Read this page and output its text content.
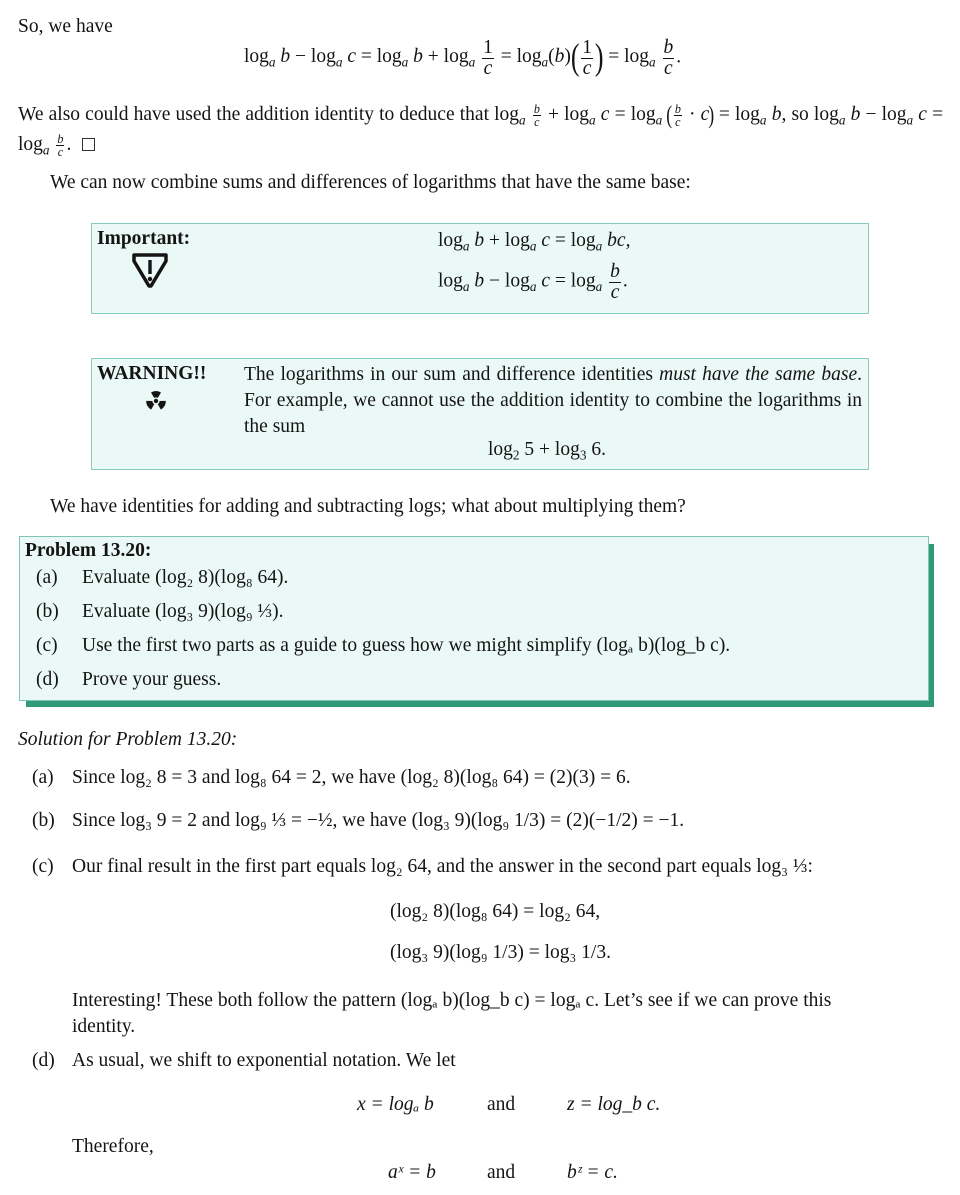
So, we have
$\log_a b - \log_a c = \log_a b + \log_a \frac{1}{c} = \log_a(b)( \frac{1}{c}$ ) = $\log_a \frac{b}{c}$ .
We also could have used the addition identity to deduce that $\log_a \frac{b}{c} + \log_a c = \log_a$ ( $\frac{b}{c} \cdot c) = \log_a b$, so $\log_a b - \log_a c = \log_a \frac{b}{c}$ .
We can now combine sums and differences of logarithms that have the same base:
Important:	$\log_a b + \log_a c = \log_a$ bc,
$\log_a b - \log_a c = \log_a \frac{b}{c}$ .
WARNING!! The logarithms in our sum and difference identities must have the same base. For example, we cannot use the addition identity to combine the logarithms in the sum
$\log_2 5 + \log_3 6$.
We have identities for adding and subtracting logs; what about multiplying them?
Problem 13.20:
(a) Evaluate (log₂ 8)(log₈ 64).
(b) Evaluate (log₃ 9)(log₉ ⅓).
(c) Use the first two parts as a guide to guess how we might simplify (logₐ b)(log_b c).
(d) Prove your guess.
Solution for Problem 13.20:
(a) Since log₂ 8 = 3 and log₈ 64 = 2, we have (log₂ 8)(log₈ 64) = (2)(3) = 6.
(b) Since log₃ 9 = 2 and log₉ ⅓ = −½, we have (log₃ 9)(log₉ 1/3) = (2)(−1/2) = −1.
(c) Our final result in the first part equals log₂ 64, and the answer in the second part equals log₃ ⅓:
(log₂ 8)(log₈ 64) = log₂ 64,
(log₃ 9)(log₉ 1/3) = log₃ 1/3.
Interesting! These both follow the pattern (logₐ b)(log_b c) = logₐ c. Let’s see if we can prove this
identity.
(d) As usual, we shift to exponential notation. We let
x = logₐ b	and	z = log_b c.
Therefore,
aˣ = b	and	bᶻ = c.
